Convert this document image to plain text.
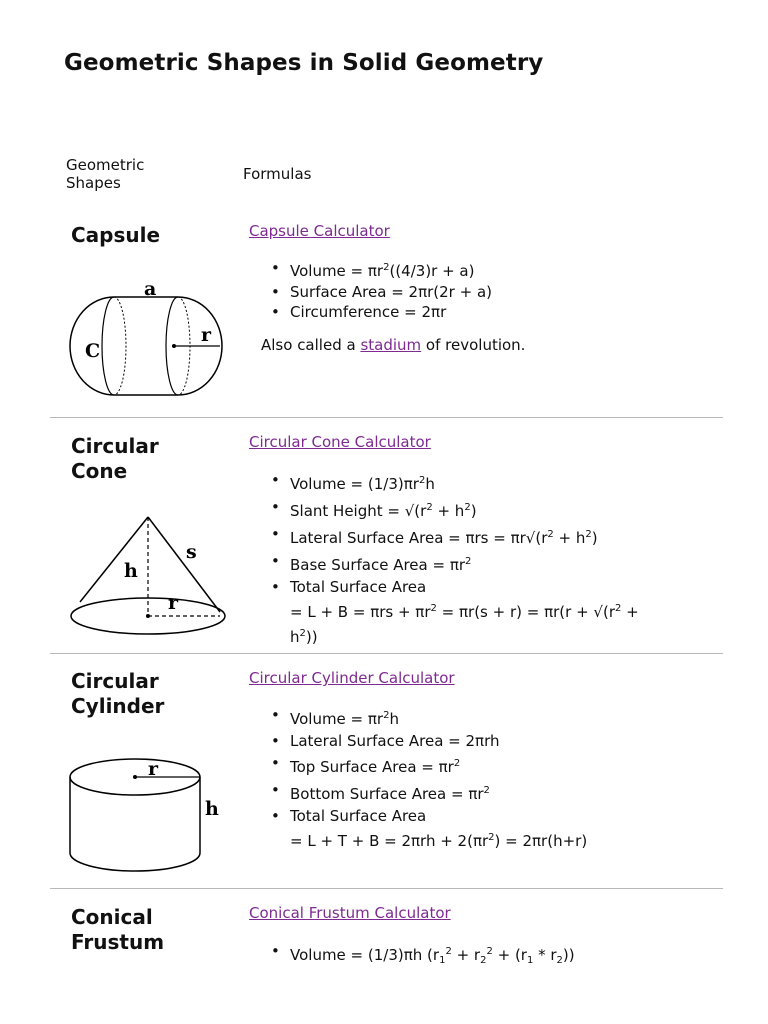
Geometric Shapes in Solid Geometry
Geometric
Shapes	Formulas
Capsule	Capsule Calculator
• Volume = $\pi r^2((4/3)r + a)$
• Surface Area = 2πr(2r + a)
• Circumference = 2πr
Also called a stadium of revolution.
a
C
r
Circular
Cone
Circular Cone Calculator
• Volume = $(1/3)\pi r^2h$
• Slant Height = $√(r^2 + h^2)$
• Lateral Surface Area = $\pi rs = \pi r√(r^2 + h^2)$
• Base Surface Area = $\pi r^2$
• Total Surface Area
= $L + B = \pi rs + \pi r^2 = \pi r(s + r) = \pi r(r + √(r^2$ +
$h^2$))
h
s
r
Circular
Cylinder
Circular Cylinder Calculator
• Volume = $\pi r^2h$
• Lateral Surface Area = 2πrh
• Top Surface Area = $\pi r^2$
• Bottom Surface Area = $\pi r^2$
• Total Surface Area
= $L + T + B = 2\pi rh + 2(\pi r^2) = 2\pi r(h+r)$
r
h
Conical
Frustum
Conical Frustum Calculator
• Volume = (1/3)πh $(r_1^2 + r_2^2 + (r_1 * r_2))$
